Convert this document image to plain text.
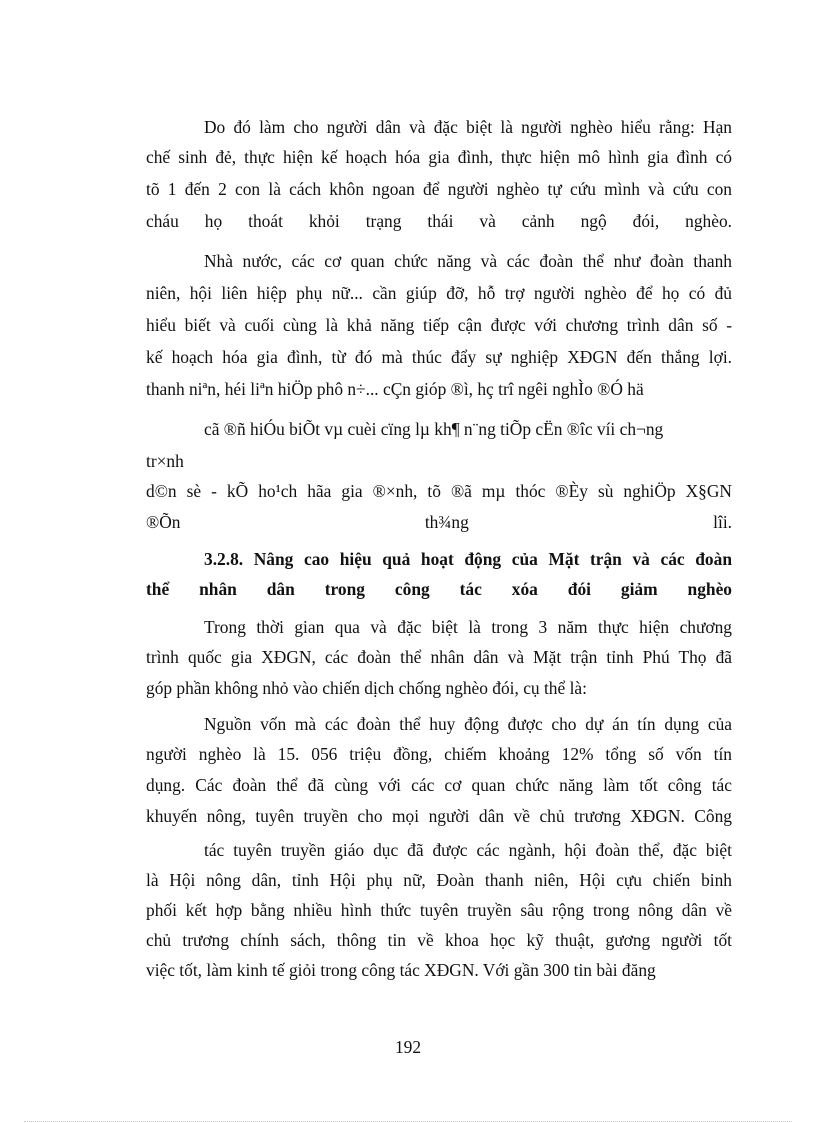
Do đó làm cho người dân và đặc biệt là người nghèo hiểu rằng: Hạn
chế sinh đẻ, thực hiện kế hoạch hóa gia đình, thực hiện mô hình gia đình có
tõ 1 đến 2 con là cách khôn ngoan để người nghèo tự cứu mình và cứu con
cháu họ thoát khỏi trạng thái và cảnh ngộ đói, nghèo.
Nhà nước, các cơ quan chức năng và các đoàn thể như đoàn thanh
niên, hội liên hiệp phụ nữ... cần giúp đỡ, hỗ trợ người nghèo để họ có đủ
hiểu biết và cuối cùng là khả năng tiếp cận được với chương trình dân số -
kế hoạch hóa gia đình, từ đó mà thúc đẩy sự nghiệp XĐGN đến thắng lợi.
thanh niªn, héi liªn hiÖp phô n÷... cÇn gióp ®ì, hç trî ngêi nghÌo ®Ó hä
cã ®ñ hiÓu biÕt vµ cuèi cïng lµ kh¶ n¨ng tiÕp cËn ®îc víi ch¬ng
tr×nh
d©n sè - kÕ ho¹ch hãa gia ®×nh, tõ ®ã mµ thóc ®Èy sù nghiÖp X§GN
®Õn th¾ng lîi.
3.2.8. Nâng cao hiệu quả hoạt động của Mặt trận và các đoàn
thể nhân dân trong công tác xóa đói giảm nghèo
Trong thời gian qua và đặc biệt là trong 3 năm thực hiện chương
trình quốc gia XĐGN, các đoàn thể nhân dân và Mặt trận tỉnh Phú Thọ đã
góp phần không nhỏ vào chiến dịch chống nghèo đói, cụ thể là:
Nguồn vốn mà các đoàn thể huy động được cho dự án tín dụng của
người nghèo là 15. 056 triệu đồng, chiếm khoảng 12% tổng số vốn tín
dụng. Các đoàn thể đã cùng với các cơ quan chức năng làm tốt công tác
khuyến nông, tuyên truyền cho mọi người dân về chủ trương XĐGN. Công
tác tuyên truyền giáo dục đã được các ngành, hội đoàn thể, đặc biệt
là Hội nông dân, tỉnh Hội phụ nữ, Đoàn thanh niên, Hội cựu chiến binh
phối kết hợp bằng nhiều hình thức tuyên truyền sâu rộng trong nông dân về
chủ trương chính sách, thông tin về khoa học kỹ thuật, gương người tốt
việc tốt, làm kinh tế giỏi trong công tác XĐGN. Với gần 300 tin bài đăng
192
